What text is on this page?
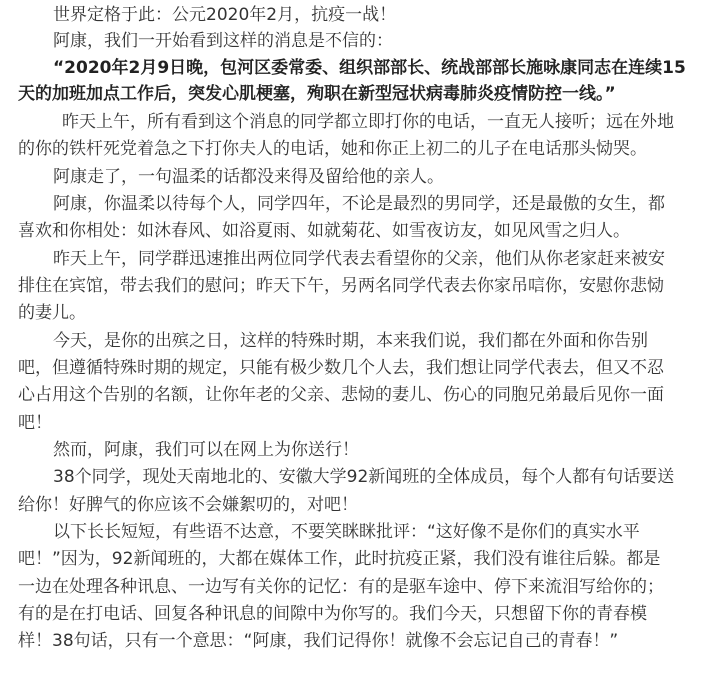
世界定格于此：公元2020年2月，抗疫一战！
阿康，我们一开始看到这样的消息是不信的：
“2020年2月9日晚，包河区委常委、组织部部长、统战部部长施咏康同志在连续15
天的加班加点工作后，突发心肌梗塞，殉职在新型冠状病毒肺炎疫情防控一线。”
昨天上午，所有看到这个消息的同学都立即打你的电话，一直无人接听；远在外地
的你的铁杆死党着急之下打你夫人的电话，她和你正上初二的儿子在电话那头恸哭。
阿康走了，一句温柔的话都没来得及留给他的亲人。
阿康，你温柔以待每个人，同学四年，不论是最烈的男同学，还是最傲的女生，都
喜欢和你相处：如沐春风、如浴夏雨、如就菊花、如雪夜访友，如见风雪之归人。
昨天上午，同学群迅速推出两位同学代表去看望你的父亲，他们从你老家赶来被安
排住在宾馆，带去我们的慰问；昨天下午，另两名同学代表去你家吊唁你，安慰你悲恸
的妻儿。
今天，是你的出殡之日，这样的特殊时期，本来我们说，我们都在外面和你告别
吧，但遵循特殊时期的规定，只能有极少数几个人去，我们想让同学代表去，但又不忍
心占用这个告别的名额，让你年老的父亲、悲恸的妻儿、伤心的同胞兄弟最后见你一面
吧！
然而，阿康，我们可以在网上为你送行！
38个同学，现处天南地北的、安徽大学92新闻班的全体成员，每个人都有句话要送
给你！好脾气的你应该不会嫌絮叨的，对吧！
以下长长短短，有些语不达意，不要笑眯眯批评：“这好像不是你们的真实水平
吧！”因为，92新闻班的，大都在媒体工作，此时抗疫正紧，我们没有谁往后躲。都是
一边在处理各种讯息、一边写有关你的记忆：有的是驱车途中、停下来流泪写给你的；
有的是在打电话、回复各种讯息的间隙中为你写的。我们今天，只想留下你的青春模
样！38句话，只有一个意思：“阿康，我们记得你！就像不会忘记自己的青春！”
